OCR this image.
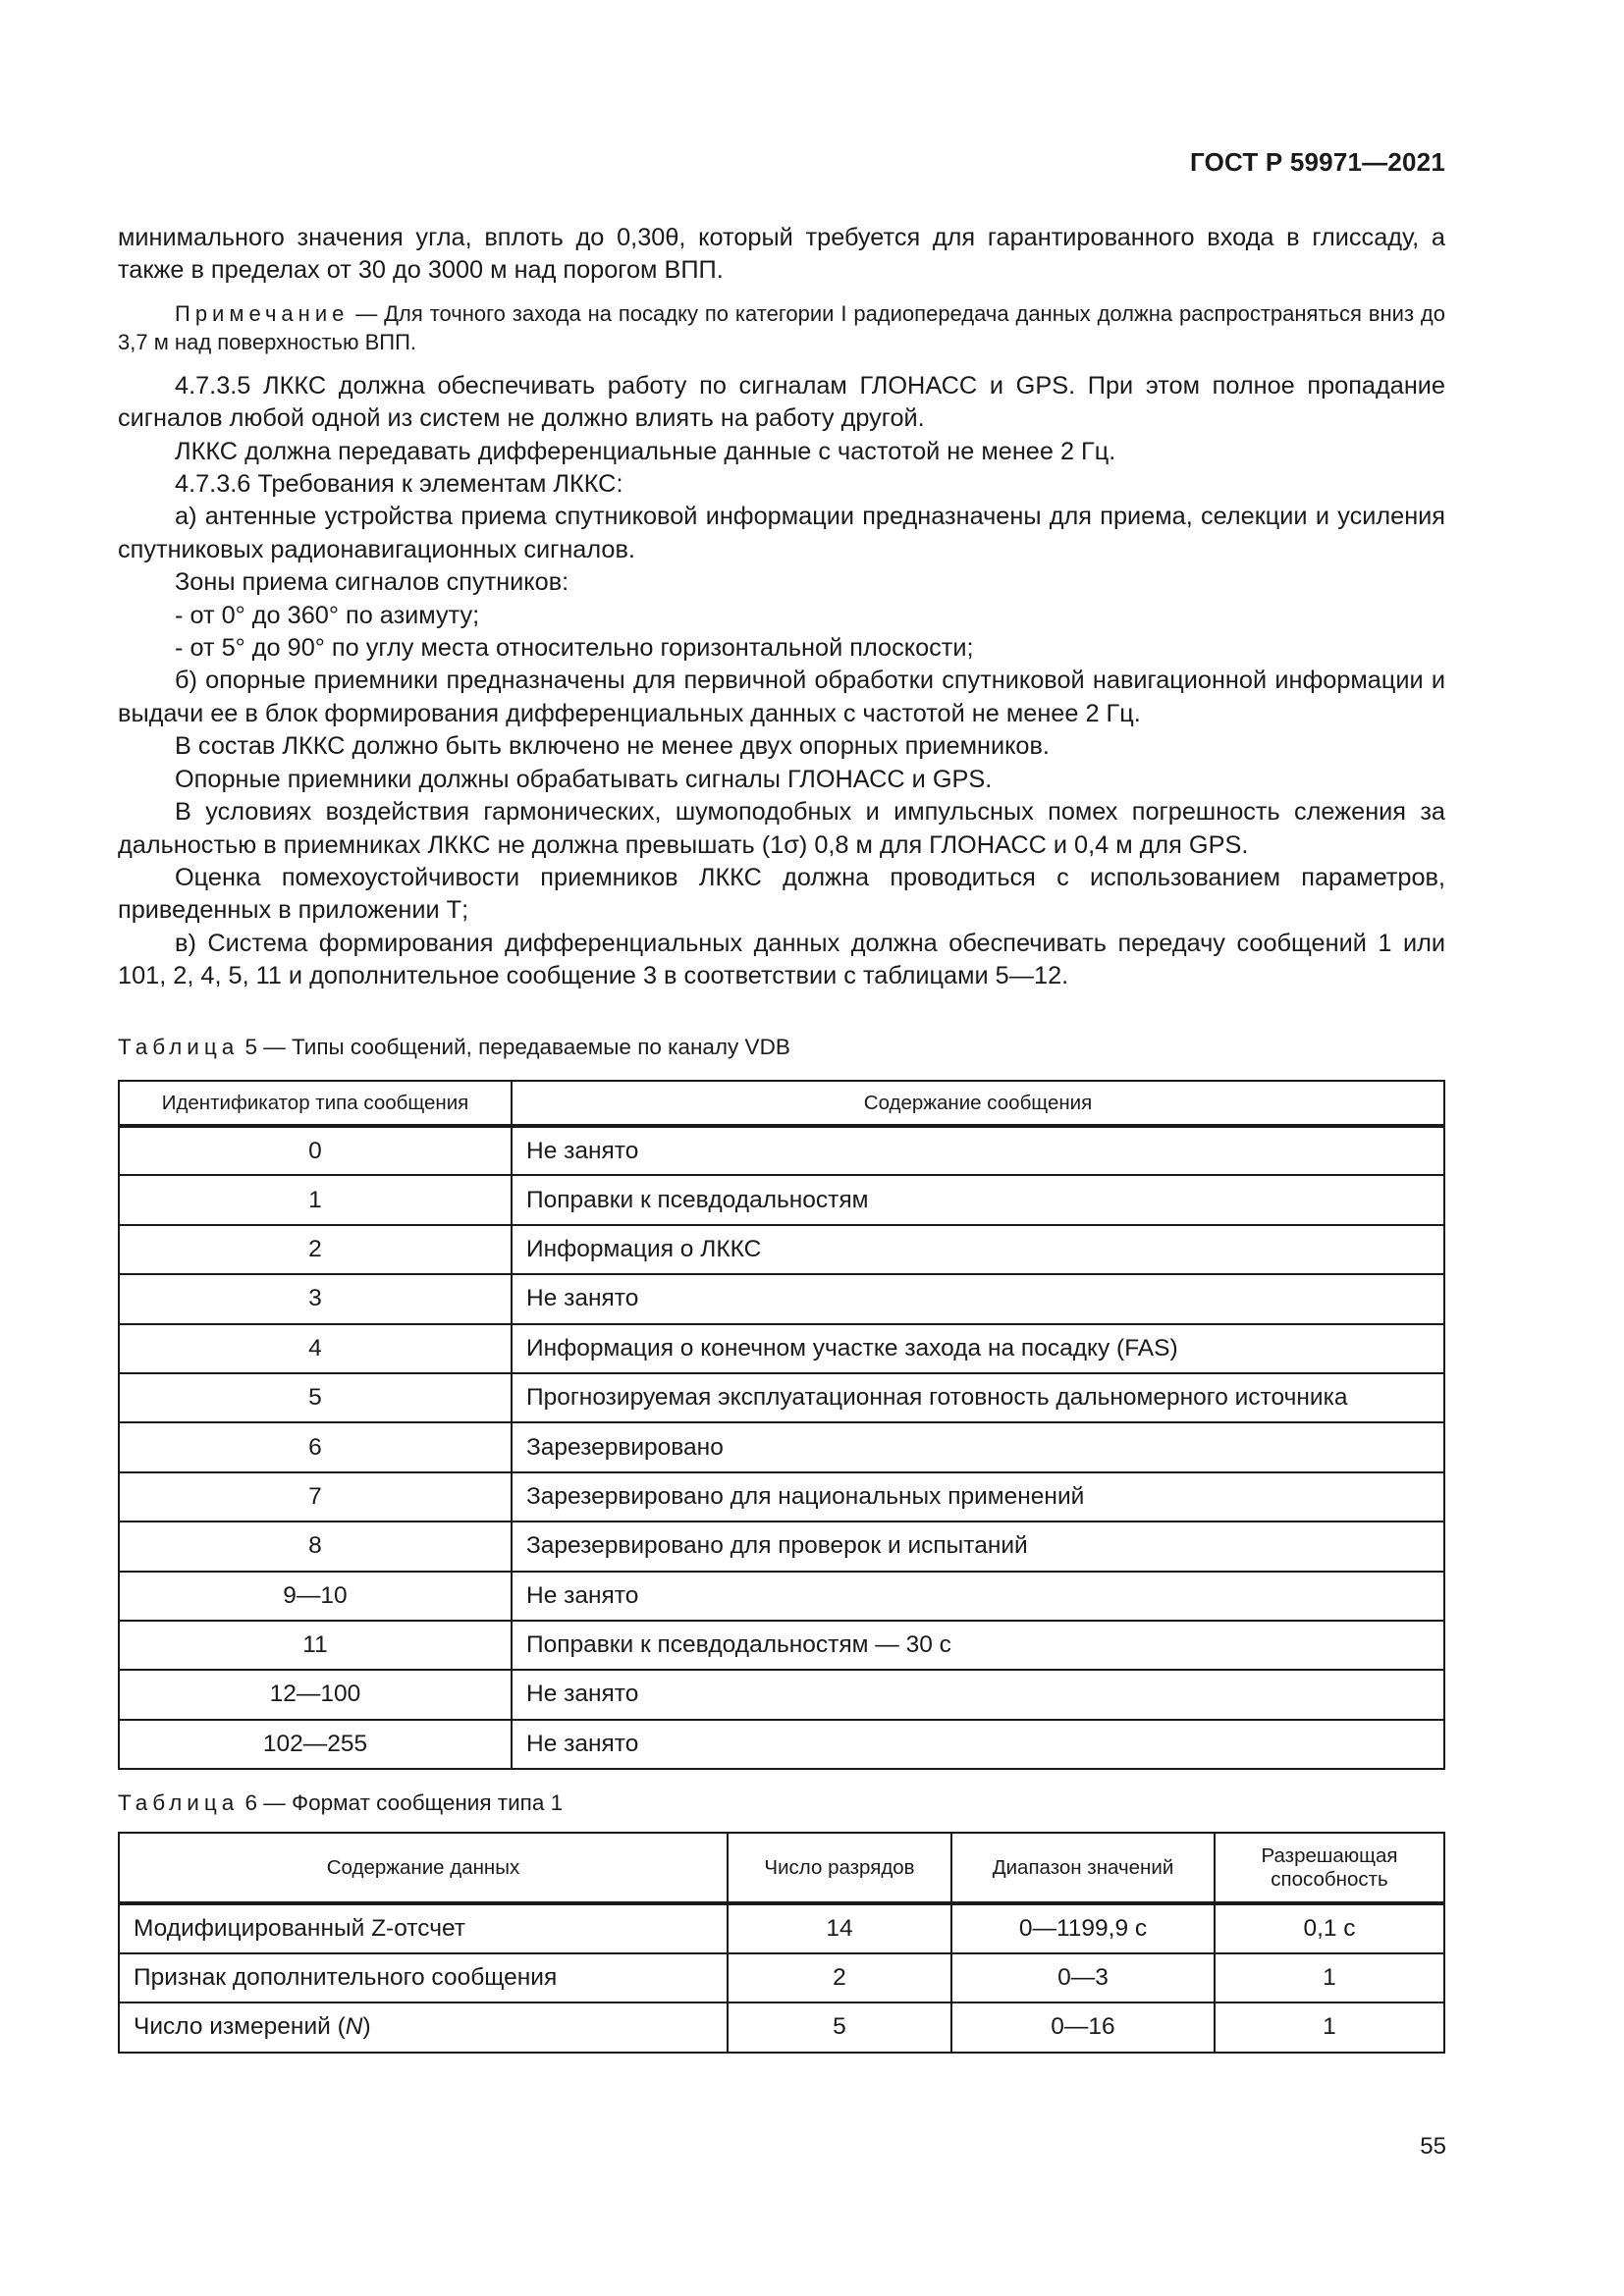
ГОСТ Р 59971—2021

минимального значения угла, вплоть до 0,30θ, который требуется для гарантированного входа в глиссаду, а также в пределах от 30 до 3000 м над порогом ВПП.

Примечание — Для точного захода на посадку по категории I радиопередача данных должна распространяться вниз до 3,7 м над поверхностью ВПП.

4.7.3.5 ЛККС должна обеспечивать работу по сигналам ГЛОНАСС и GPS. При этом полное пропадание сигналов любой одной из систем не должно влиять на работу другой.

ЛККС должна передавать дифференциальные данные с частотой не менее 2 Гц.

4.7.3.6 Требования к элементам ЛККС:

а) антенные устройства приема спутниковой информации предназначены для приема, селекции и усиления спутниковых радионавигационных сигналов.

Зоны приема сигналов спутников:

- от 0° до 360° по азимуту;

- от 5° до 90° по углу места относительно горизонтальной плоскости;

б) опорные приемники предназначены для первичной обработки спутниковой навигационной информации и выдачи ее в блок формирования дифференциальных данных с частотой не менее 2 Гц.

В состав ЛККС должно быть включено не менее двух опорных приемников.

Опорные приемники должны обрабатывать сигналы ГЛОНАСС и GPS.

В условиях воздействия гармонических, шумоподобных и импульсных помех погрешность слежения за дальностью в приемниках ЛККС не должна превышать (1σ) 0,8 м для ГЛОНАСС и 0,4 м для GPS.

Оценка помехоустойчивости приемников ЛККС должна проводиться с использованием параметров, приведенных в приложении Т;

в) Система формирования дифференциальных данных должна обеспечивать передачу сообщений 1 или 101, 2, 4, 5, 11 и дополнительное сообщение 3 в соответствии с таблицами 5—12.

Таблица 5 — Типы сообщений, передаваемые по каналу VDB
Идентификатор типа сообщения	Содержание сообщения
0	Не занято
1	Поправки к псевдодальностям
2	Информация о ЛККС
3	Не занято
4	Информация о конечном участке захода на посадку (FAS)
5	Прогнозируемая эксплуатационная готовность дальномерного источника
6	Зарезервировано
7	Зарезервировано для национальных применений
8	Зарезервировано для проверок и испытаний
9—10	Не занято
11	Поправки к псевдодальностям — 30 с
12—100	Не занято
102—255	Не занято
Таблица 6 — Формат сообщения типа 1
Содержание данных	Число разрядов	Диапазон значений	Разрешающая способность
Модифицированный Z-отсчет	14	0—1199,9 с	0,1 с
Признак дополнительного сообщения	2	0—3	1
Число измерений (N)	5	0—16	1
55
